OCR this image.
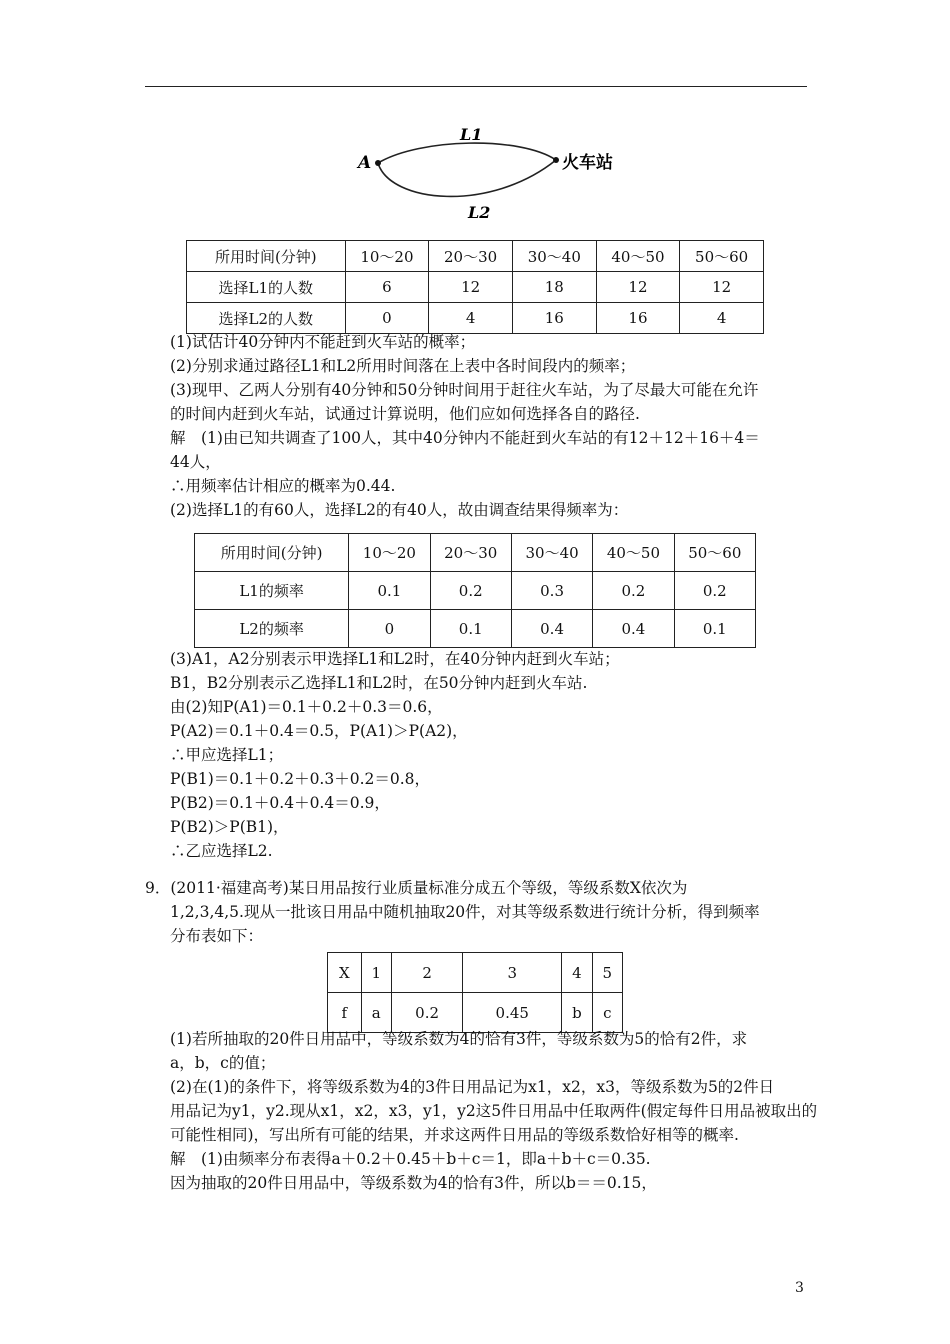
A	火车站
L1
L2
所用时间(分钟)	10～20	20～30	30～40	40～50	50～60
选择L1的人数	6	12	18	12	12
选择L2的人数	0	4	16	16	4

(1)试估计40分钟内不能赶到火车站的概率；

(2)分别求通过路径L1和L2所用时间落在上表中各时间段内的频率；

(3)现甲、乙两人分别有40分钟和50分钟时间用于赶往火车站，为了尽最大可能在允许

的时间内赶到火车站，试通过计算说明，他们应如何选择各自的路径.

解　(1)由已知共调查了100人，其中40分钟内不能赶到火车站的有12＋12＋16＋4＝

44人，

∴用频率估计相应的概率为0.44.

(2)选择L1的有60人，选择L2的有40人，故由调查结果得频率为：

所用时间(分钟)	10～20	20～30	30～40	40～50	50～60
L1的频率	0.1	0.2	0.3	0.2	0.2
L2的频率	0	0.1	0.4	0.4	0.1

(3)A1，A2分别表示甲选择L1和L2时，在40分钟内赶到火车站；

B1，B2分别表示乙选择L1和L2时，在50分钟内赶到火车站.

由(2)知P(A1)＝0.1＋0.2＋0.3＝0.6，

P(A2)＝0.1＋0.4＝0.5，P(A1)＞P(A2)，

∴甲应选择L1；

P(B1)＝0.1＋0.2＋0.3＋0.2＝0.8，

P(B2)＝0.1＋0.4＋0.4＝0.9，

P(B2)＞P(B1)，

∴乙应选择L2.

9．(2011·福建高考)某日用品按行业质量标准分成五个等级，等级系数X依次为

1,2,3,4,5.现从一批该日用品中随机抽取20件，对其等级系数进行统计分析，得到频率

分布表如下：

X	1	2	3	4	5
f	a	0.2	0.45	b	c

(1)若所抽取的20件日用品中，等级系数为4的恰有3件，等级系数为5的恰有2件，求

a，b，c的值；

(2)在(1)的条件下，将等级系数为4的3件日用品记为x1，x2，x3，等级系数为5的2件日

用品记为y1，y2.现从x1，x2，x3，y1，y2这5件日用品中任取两件(假定每件日用品被取出的

可能性相同)，写出所有可能的结果，并求这两件日用品的等级系数恰好相等的概率.

解　(1)由频率分布表得a＋0.2＋0.45＋b＋c＝1，即a＋b＋c＝0.35.

因为抽取的20件日用品中，等级系数为4的恰有3件，所以b＝＝0.15，

3
